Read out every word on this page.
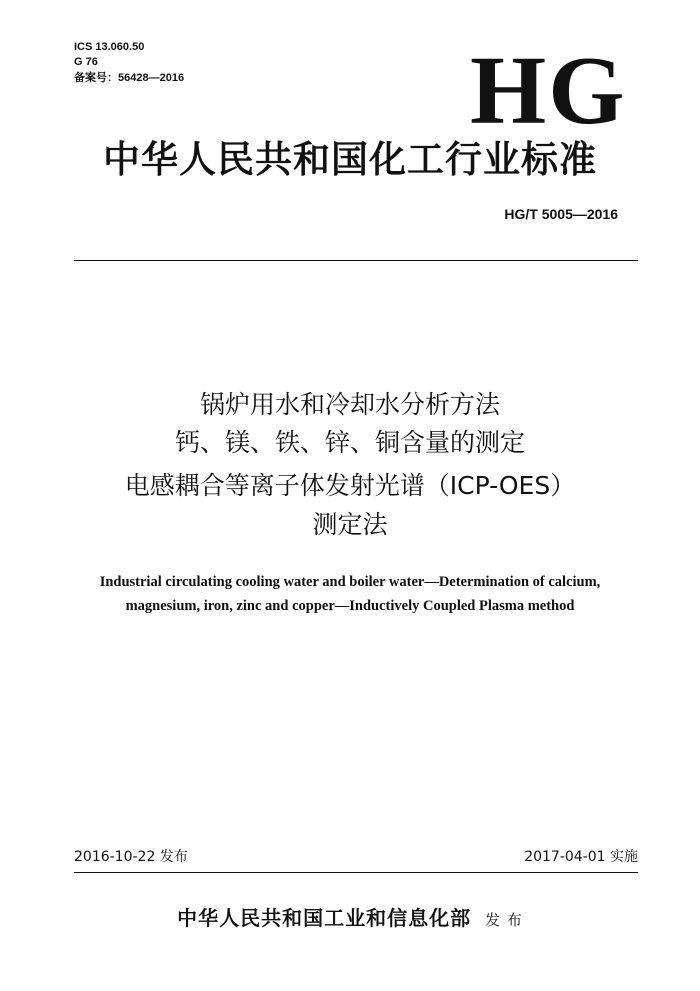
ICS 13.060.50
G 76
备案号：56428—2016	HG
中华人民共和国化工行业标准
HG/T 5005—2016
锅炉用水和冷却水分析方法
钙、镁、铁、锌、铜含量的测定
电感耦合等离子体发射光谱（ICP-OES）
测定法
Industrial circulating cooling water and boiler water—Determination of calcium,
magnesium, iron, zinc and copper—Inductively Coupled Plasma method
2016-10-22 发布	2017-04-01 实施
中华人民共和国工业和信息化部 发 布
